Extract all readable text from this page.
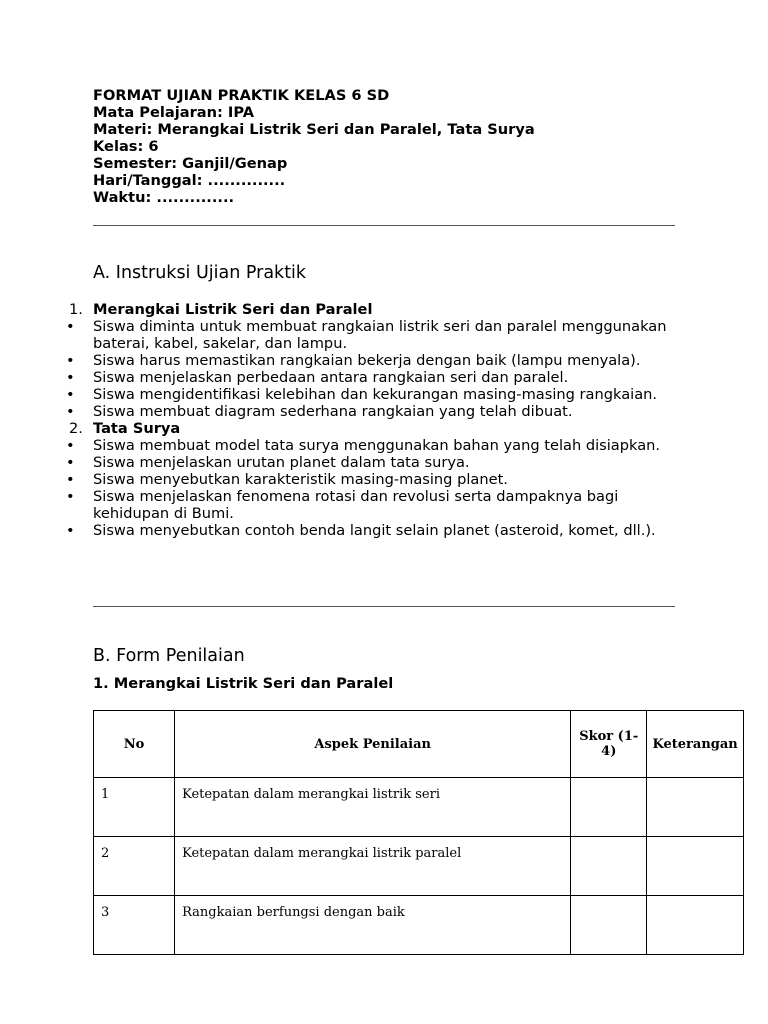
FORMAT UJIAN PRAKTIK KELAS 6 SD
Mata Pelajaran: IPA
Materi: Merangkai Listrik Seri dan Paralel, Tata Surya
Kelas: 6
Semester: Ganjil/Genap
Hari/Tanggal: ..............
Waktu: ..............
A. Instruksi Ujian Praktik
1. Merangkai Listrik Seri dan Paralel
• Siswa diminta untuk membuat rangkaian listrik seri dan paralel menggunakan baterai, kabel, sakelar, dan lampu.
• Siswa harus memastikan rangkaian bekerja dengan baik (lampu menyala).
• Siswa menjelaskan perbedaan antara rangkaian seri dan paralel.
• Siswa mengidentifikasi kelebihan dan kekurangan masing-masing rangkaian.
• Siswa membuat diagram sederhana rangkaian yang telah dibuat.
2. Tata Surya
• Siswa membuat model tata surya menggunakan bahan yang telah disiapkan.
• Siswa menjelaskan urutan planet dalam tata surya.
• Siswa menyebutkan karakteristik masing-masing planet.
• Siswa menjelaskan fenomena rotasi dan revolusi serta dampaknya bagi kehidupan di Bumi.
• Siswa menyebutkan contoh benda langit selain planet (asteroid, komet, dll.).
B. Form Penilaian
1. Merangkai Listrik Seri dan Paralel
No	Aspek Penilaian	Skor (1-4)	Keterangan
1	Ketepatan dalam merangkai listrik seri		
2	Ketepatan dalam merangkai listrik paralel		
3	Rangkaian berfungsi dengan baik		
